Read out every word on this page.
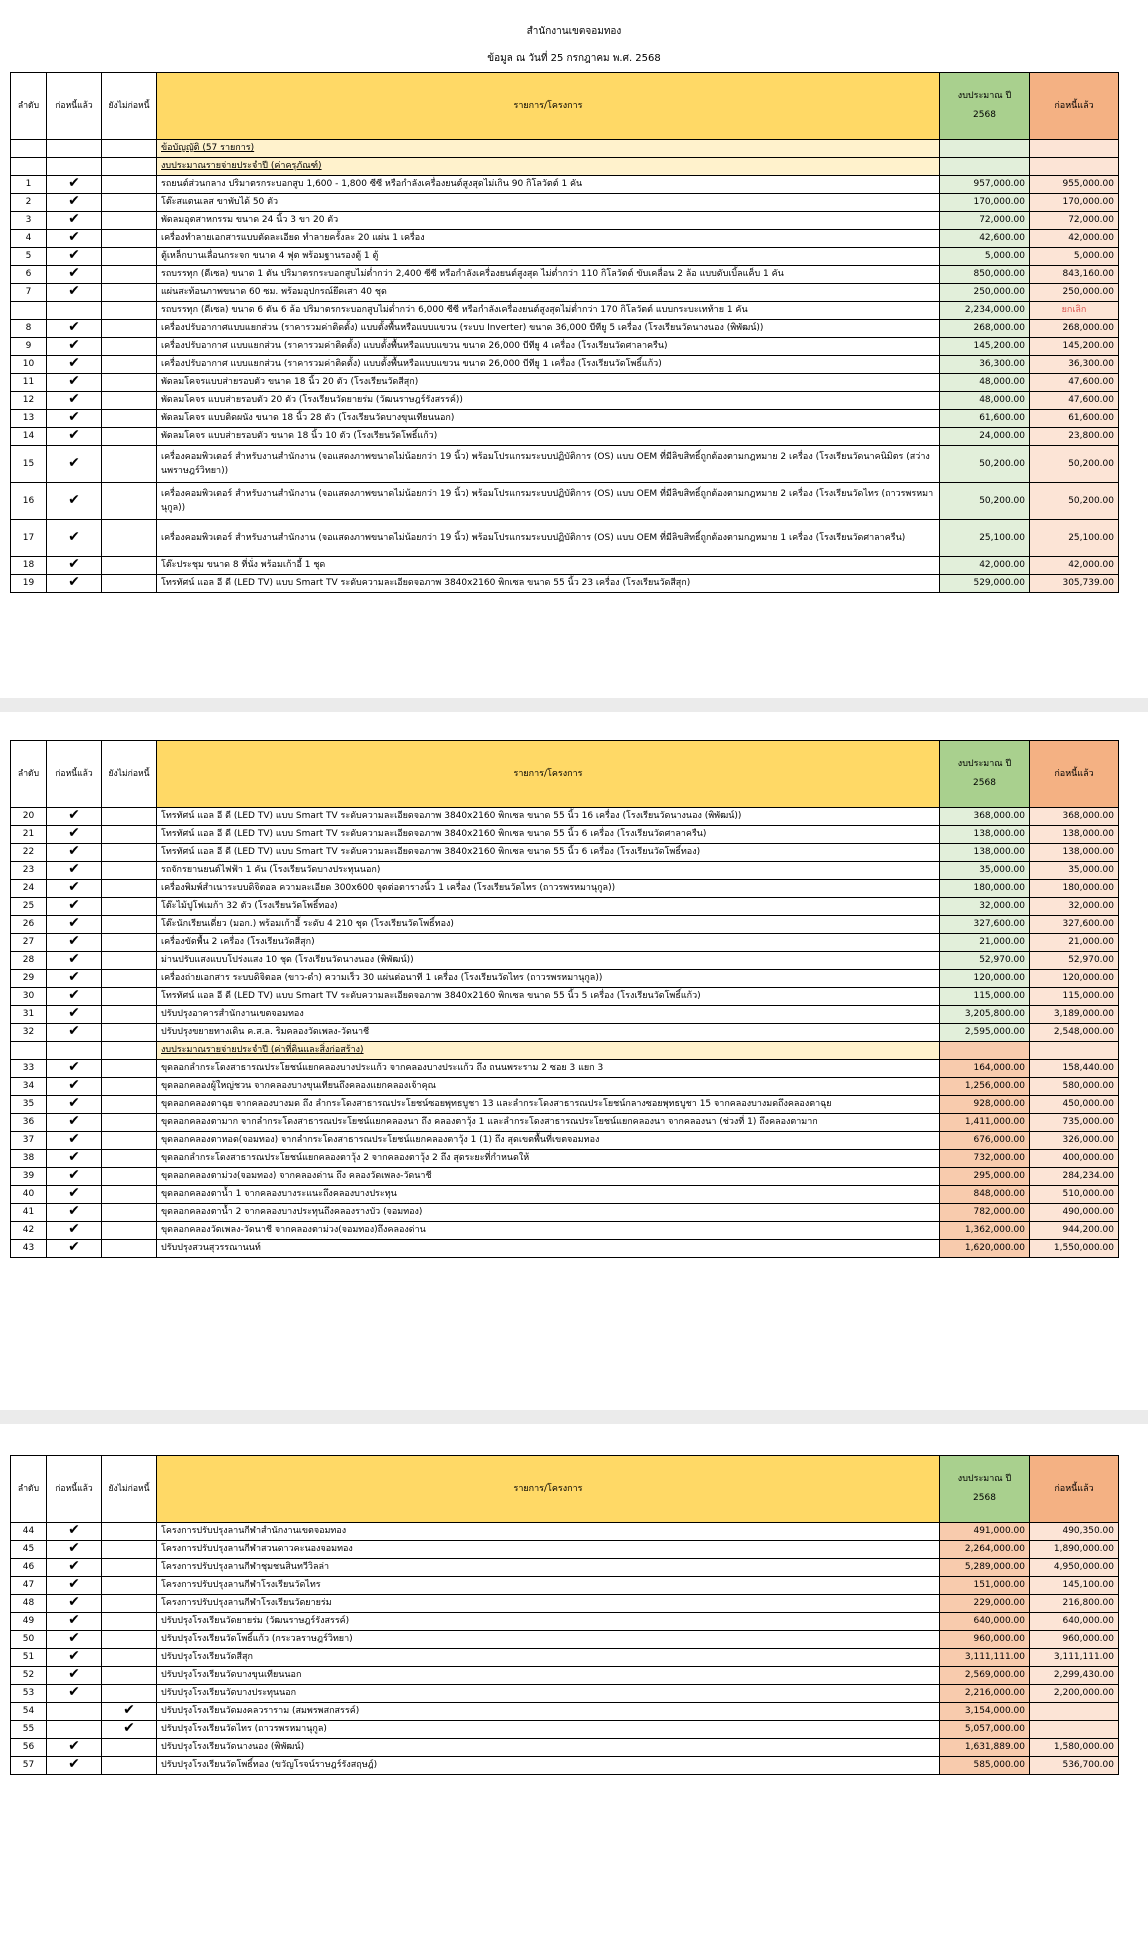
สำนักงานเขตจอมทอง
ข้อมูล ณ วันที่ 25 กรกฎาคม พ.ศ. 2568
ลำดับ	ก่อหนี้แล้ว	ยังไม่ก่อหนี้	รายการ/โครงการ	งบประมาณ ปี 2568	ก่อหนี้แล้ว
			ข้อบัญญัติ (57 รายการ)		
			งบประมาณรายจ่ายประจำปี (ค่าครุภัณฑ์)		
1	✔		รถยนต์ส่วนกลาง ปริมาตรกระบอกสูบ 1,600 - 1,800 ซีซี หรือกำลังเครื่องยนต์สูงสุดไม่เกิน 90 กิโลวัตต์ 1 คัน	957,000.00	955,000.00
2	✔		โต๊ะสแตนเลส ขาพับได้ 50 ตัว	170,000.00	170,000.00
3	✔		พัดลมอุตสาหกรรม ขนาด 24 นิ้ว 3 ขา 20 ตัว	72,000.00	72,000.00
4	✔		เครื่องทำลายเอกสารแบบตัดละเอียด ทำลายครั้งละ 20 แผ่น 1 เครื่อง	42,600.00	42,000.00
5	✔		ตู้เหล็กบานเลื่อนกระจก ขนาด 4 ฟุต พร้อมฐานรองตู้ 1 ตู้	5,000.00	5,000.00
6	✔		รถบรรทุก (ดีเซล) ขนาด 1 ตัน ปริมาตรกระบอกสูบไม่ต่ำกว่า 2,400 ซีซี หรือกำลังเครื่องยนต์สูงสุด ไม่ต่ำกว่า 110 กิโลวัตต์ ขับเคลื่อน 2 ล้อ แบบดับเบิ้ลแค็บ 1 คัน	850,000.00	843,160.00
7	✔		แผ่นสะท้อนภาพขนาด 60 ซม. พร้อมอุปกรณ์ยึดเสา 40 ชุด	250,000.00	250,000.00
			รถบรรทุก (ดีเซล) ขนาด 6 ตัน 6 ล้อ ปริมาตรกระบอกสูบไม่ต่ำกว่า 6,000 ซีซี หรือกำลังเครื่องยนต์สูงสุดไม่ต่ำกว่า 170 กิโลวัตต์ แบบกระบะเทท้าย 1 คัน	2,234,000.00	ยกเลิก
8	✔		เครื่องปรับอากาศแบบแยกส่วน (ราคารวมค่าติดตั้ง) แบบตั้งพื้นหรือแบบแขวน (ระบบ Inverter) ขนาด 36,000 บีทียู 5 เครื่อง (โรงเรียนวัดนางนอง (พิพัฒน์))	268,000.00	268,000.00
9	✔		เครื่องปรับอากาศ แบบแยกส่วน (ราคารวมค่าติดตั้ง) แบบตั้งพื้นหรือแบบแขวน ขนาด 26,000 บีทียู 4 เครื่อง (โรงเรียนวัดศาลาครืน)	145,200.00	145,200.00
10	✔		เครื่องปรับอากาศ แบบแยกส่วน (ราคารวมค่าติดตั้ง) แบบตั้งพื้นหรือแบบแขวน ขนาด 26,000 บีทียู 1 เครื่อง (โรงเรียนวัดโพธิ์แก้ว)	36,300.00	36,300.00
11	✔		พัดลมโคจรแบบส่ายรอบตัว ขนาด 18 นิ้ว 20 ตัว (โรงเรียนวัดสีสุก)	48,000.00	47,600.00
12	✔		พัดลมโคจร แบบส่ายรอบตัว 20 ตัว (โรงเรียนวัดยายร่ม (วัฒนราษฎร์รังสรรค์))	48,000.00	47,600.00
13	✔		พัดลมโคจร แบบติดผนัง ขนาด 18 นิ้ว 28 ตัว (โรงเรียนวัดบางขุนเทียนนอก)	61,600.00	61,600.00
14	✔		พัดลมโคจร แบบส่ายรอบตัว ขนาด 18 นิ้ว 10 ตัว (โรงเรียนวัดโพธิ์แก้ว)	24,000.00	23,800.00
15	✔		เครื่องคอมพิวเตอร์ สำหรับงานสำนักงาน (จอแสดงภาพขนาดไม่น้อยกว่า 19 นิ้ว) พร้อมโปรแกรมระบบปฏิบัติการ (OS) แบบ OEM ที่มีลิขสิทธิ์ถูกต้องตามกฎหมาย 2 เครื่อง (โรงเรียนวัดนาคนิมิตร (สว่างนพราษฎร์วิทยา))	50,200.00	50,200.00
16	✔		เครื่องคอมพิวเตอร์ สำหรับงานสำนักงาน (จอแสดงภาพขนาดไม่น้อยกว่า 19 นิ้ว) พร้อมโปรแกรมระบบปฏิบัติการ (OS) แบบ OEM ที่มีลิขสิทธิ์ถูกต้องตามกฎหมาย 2 เครื่อง (โรงเรียนวัดไทร (ถาวรพรหมานุกูล))	50,200.00	50,200.00
17	✔		เครื่องคอมพิวเตอร์ สำหรับงานสำนักงาน (จอแสดงภาพขนาดไม่น้อยกว่า 19 นิ้ว) พร้อมโปรแกรมระบบปฏิบัติการ (OS) แบบ OEM ที่มีลิขสิทธิ์ถูกต้องตามกฎหมาย 1 เครื่อง (โรงเรียนวัดศาลาครืน)	25,100.00	25,100.00
18	✔		โต๊ะประชุม ขนาด 8 ที่นั่ง พร้อมเก้าอี้ 1 ชุด	42,000.00	42,000.00
19	✔		โทรทัศน์ แอล อี ดี (LED TV) แบบ Smart TV ระดับความละเอียดจอภาพ 3840x2160 พิกเซล ขนาด 55 นิ้ว 23 เครื่อง (โรงเรียนวัดสีสุก)	529,000.00	305,739.00
ลำดับ	ก่อหนี้แล้ว	ยังไม่ก่อหนี้	รายการ/โครงการ	งบประมาณ ปี 2568	ก่อหนี้แล้ว
20	✔		โทรทัศน์ แอล อี ดี (LED TV) แบบ Smart TV ระดับความละเอียดจอภาพ 3840x2160 พิกเซล ขนาด 55 นิ้ว 16 เครื่อง (โรงเรียนวัดนางนอง (พิพัฒน์))	368,000.00	368,000.00
21	✔		โทรทัศน์ แอล อี ดี (LED TV) แบบ Smart TV ระดับความละเอียดจอภาพ 3840x2160 พิกเซล ขนาด 55 นิ้ว 6 เครื่อง (โรงเรียนวัดศาลาครืน)	138,000.00	138,000.00
22	✔		โทรทัศน์ แอล อี ดี (LED TV) แบบ Smart TV ระดับความละเอียดจอภาพ 3840x2160 พิกเซล ขนาด 55 นิ้ว 6 เครื่อง (โรงเรียนวัดโพธิ์ทอง)	138,000.00	138,000.00
23	✔		รถจักรยานยนต์ไฟฟ้า 1 คัน (โรงเรียนวัดบางประทุนนอก)	35,000.00	35,000.00
24	✔		เครื่องพิมพ์สำเนาระบบดิจิตอล ความละเอียด 300x600 จุดต่อตารางนิ้ว 1 เครื่อง (โรงเรียนวัดไทร (ถาวรพรหมานุกูล))	180,000.00	180,000.00
25	✔		โต๊ะไม้ปูโฟเมก้า 32 ตัว (โรงเรียนวัดโพธิ์ทอง)	32,000.00	32,000.00
26	✔		โต๊ะนักเรียนเดี่ยว (มอก.) พร้อมเก้าอี้ ระดับ 4 210 ชุด (โรงเรียนวัดโพธิ์ทอง)	327,600.00	327,600.00
27	✔		เครื่องขัดพื้น 2 เครื่อง (โรงเรียนวัดสีสุก)	21,000.00	21,000.00
28	✔		ม่านปรับแสงแบบโปร่งแสง 10 ชุด (โรงเรียนวัดนางนอง (พิพัฒน์))	52,970.00	52,970.00
29	✔		เครื่องถ่ายเอกสาร ระบบดิจิตอล (ขาว-ดำ) ความเร็ว 30 แผ่นต่อนาที 1 เครื่อง (โรงเรียนวัดไทร (ถาวรพรหมานุกูล))	120,000.00	120,000.00
30	✔		โทรทัศน์ แอล อี ดี (LED TV) แบบ Smart TV ระดับความละเอียดจอภาพ 3840x2160 พิกเซล ขนาด 55 นิ้ว 5 เครื่อง (โรงเรียนวัดโพธิ์แก้ว)	115,000.00	115,000.00
31	✔		ปรับปรุงอาคารสำนักงานเขตจอมทอง	3,205,800.00	3,189,000.00
32	✔		ปรับปรุงขยายทางเดิน ค.ส.ล. ริมคลองวัดเพลง-วัดนาชี	2,595,000.00	2,548,000.00
			งบประมาณรายจ่ายประจำปี (ค่าที่ดินและสิ่งก่อสร้าง)		
33	✔		ขุดลอกลำกระโดงสาธารณประโยชน์แยกคลองบางประแก้ว จากคลองบางประแก้ว ถึง ถนนพระราม 2 ซอย 3 แยก 3	164,000.00	158,440.00
34	✔		ขุดลอกคลองผู้ใหญ่ชวน จากคลองบางขุนเทียนถึงคลองแยกคลองเจ้าคุณ	1,256,000.00	580,000.00
35	✔		ขุดลอกคลองตาฉุย จากคลองบางมด ถึง ลำกระโดงสาธารณประโยชน์ซอยพุทธบูชา 13 และลำกระโดงสาธารณประโยชน์กลางซอยพุทธบูชา 15 จากคลองบางมดถึงคลองตาฉุย	928,000.00	450,000.00
36	✔		ขุดลอกคลองตามาก จากลำกระโดงสาธารณประโยชน์แยกคลองนา ถึง คลองตาวุ้ง 1 และลำกระโดงสาธารณประโยชน์แยกคลองนา จากคลองนา (ช่วงที่ 1) ถึงคลองตามาก	1,411,000.00	735,000.00
37	✔		ขุดลอกคลองตาหอด(จอมทอง) จากลำกระโดงสาธารณประโยชน์แยกคลองตาวุ้ง 1 (1) ถึง สุดเขตพื้นที่เขตจอมทอง	676,000.00	326,000.00
38	✔		ขุดลอกลำกระโดงสาธารณประโยชน์แยกคลองตาวุ้ง 2 จากคลองตาวุ้ง 2 ถึง สุดระยะที่กำหนดให้	732,000.00	400,000.00
39	✔		ขุดลอกคลองตาม่วง(จอมทอง) จากคลองด่าน ถึง คลองวัดเพลง-วัดนาชี	295,000.00	284,234.00
40	✔		ขุดลอกคลองตาน้ำ 1 จากคลองบางระแนะถึงคลองบางประทุน	848,000.00	510,000.00
41	✔		ขุดลอกคลองตาน้ำ 2 จากคลองบางประทุนถึงคลองรางบัว (จอมทอง)	782,000.00	490,000.00
42	✔		ขุดลอกคลองวัดเพลง-วัดนาชี จากคลองตาม่วง(จอมทอง)ถึงคลองด่าน	1,362,000.00	944,200.00
43	✔		ปรับปรุงสวนสุวรรณานนท์	1,620,000.00	1,550,000.00
ลำดับ	ก่อหนี้แล้ว	ยังไม่ก่อหนี้	รายการ/โครงการ	งบประมาณ ปี 2568	ก่อหนี้แล้ว
44	✔		โครงการปรับปรุงลานกีฬาสำนักงานเขตจอมทอง	491,000.00	490,350.00
45	✔		โครงการปรับปรุงลานกีฬาสวนดาวคะนองจอมทอง	2,264,000.00	1,890,000.00
46	✔		โครงการปรับปรุงลานกีฬาชุมชนสินทวีวิลล่า	5,289,000.00	4,950,000.00
47	✔		โครงการปรับปรุงลานกีฬาโรงเรียนวัดไทร	151,000.00	145,100.00
48	✔		โครงการปรับปรุงลานกีฬาโรงเรียนวัดยายร่ม	229,000.00	216,800.00
49	✔		ปรับปรุงโรงเรียนวัดยายร่ม (วัฒนราษฎร์รังสรรค์)	640,000.00	640,000.00
50	✔		ปรับปรุงโรงเรียนวัดโพธิ์แก้ว (กระวลราษฎร์วิทยา)	960,000.00	960,000.00
51	✔		ปรับปรุงโรงเรียนวัดสีสุก	3,111,111.00	3,111,111.00
52	✔		ปรับปรุงโรงเรียนวัดบางขุนเทียนนอก	2,569,000.00	2,299,430.00
53	✔		ปรับปรุงโรงเรียนวัดบางประทุนนอก	2,216,000.00	2,200,000.00
54		✔	ปรับปรุงโรงเรียนวัดมงคลวราราม (สมพรพสกสรรค์)	3,154,000.00	
55		✔	ปรับปรุงโรงเรียนวัดไทร (ถาวรพรหมานุกูล)	5,057,000.00	
56	✔		ปรับปรุงโรงเรียนวัดนางนอง (พิพัฒน์)	1,631,889.00	1,580,000.00
57	✔		ปรับปรุงโรงเรียนวัดโพธิ์ทอง (ขวัญโรจน์ราษฎร์รังสฤษฎ์)	585,000.00	536,700.00
